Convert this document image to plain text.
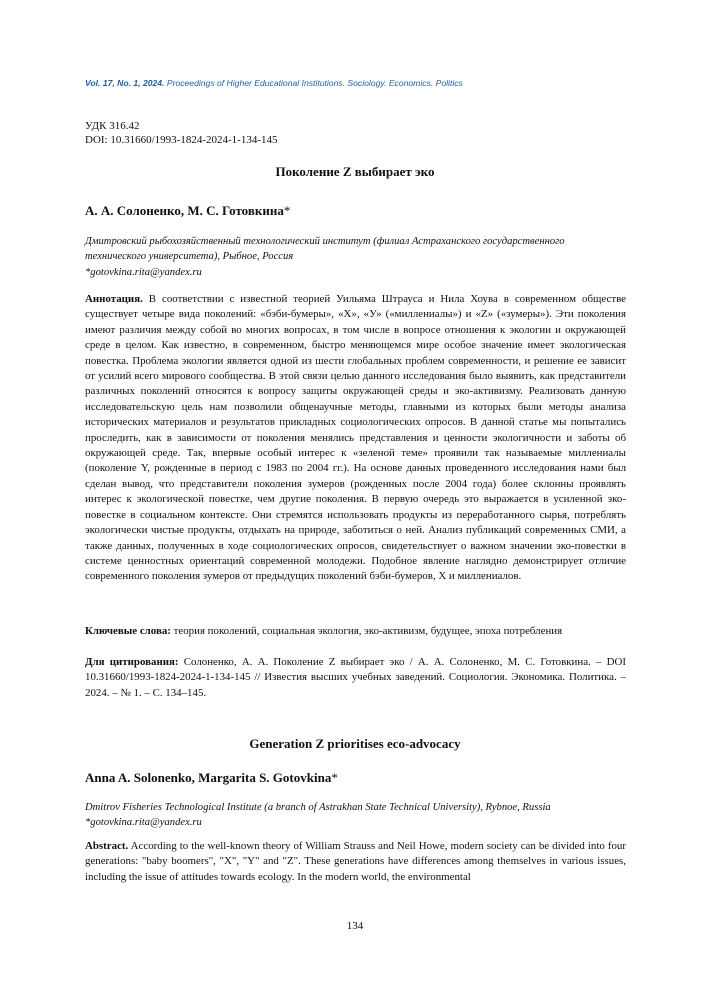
Vol. 17, No. 1, 2024. Proceedings of Higher Educational Institutions. Sociology. Economics. Politics
УДК 316.42
DOI: 10.31660/1993-1824-2024-1-134-145
Поколение Z выбирает эко
А. А. Солоненко, М. С. Готовкина*
Дмитровский рыбохозяйственный технологический институт (филиал Астраханского государственного технического университета), Рыбное, Россия
*gotovkina.rita@yandex.ru
Аннотация. В соответствии с известной теорией Уильяма Штрауса и Нила Хоува в современном обществе существует четыре вида поколений: «бэби-бумеры», «Х», «У» («миллениалы») и «Z» («зумеры»). Эти поколения имеют различия между собой во многих вопросах, в том числе в вопросе отношения к экологии и окружающей среде в целом. Как известно, в современном, быстро меняющемся мире особое значение имеет экологическая повестка. Проблема экологии является одной из шести глобальных проблем современности, и решение ее зависит от усилий всего мирового сообщества. В этой связи целью данного исследования было выявить, как представители различных поколений относятся к вопросу защиты окружающей среды и эко-активизму. Реализовать данную исследовательскую цель нам позволили общенаучные методы, главными из которых были методы анализа исторических материалов и результатов прикладных социологических опросов. В данной статье мы попытались проследить, как в зависимости от поколения менялись представления и ценности экологичности и заботы об окружающей среде. Так, впервые особый интерес к «зеленой теме» проявили так называемые миллениалы (поколение Y, рожденные в период с 1983 по 2004 гг.). На основе данных проведенного исследования нами был сделан вывод, что представители поколения зумеров (рожденных после 2004 года) более склонны проявлять интерес к экологической повестке, чем другие поколения. В первую очередь это выражается в усиленной эко-повестке в социальном контексте. Они стремятся использовать продукты из переработанного сырья, потреблять экологически чистые продукты, отдыхать на природе, заботиться о ней. Анализ публикаций современных СМИ, а также данных, полученных в ходе социологических опросов, свидетельствует о важном значении эко-повестки в системе ценностных ориентаций современной молодежи. Подобное явление наглядно демонстрирует отличие современного поколения зумеров от предыдущих поколений бэби-бумеров, Х и миллениалов.
Ключевые слова: теория поколений, социальная экология, эко-активизм, будущее, эпоха потребления
Для цитирования: Солоненко, А. А. Поколение Z выбирает эко / А. А. Солоненко, М. С. Готовкина. – DOI 10.31660/1993-1824-2024-1-134-145 // Известия высших учебных заведений. Социология. Экономика. Политика. – 2024. – № 1. – С. 134–145.
Generation Z prioritises eco-advocacy
Anna A. Solonenko, Margarita S. Gotovkina*
Dmitrov Fisheries Technological Institute (a branch of Astrakhan State Technical University), Rybnoe, Russia
*gotovkina.rita@yandex.ru
Abstract. According to the well-known theory of William Strauss and Neil Howe, modern society can be divided into four generations: "baby boomers", "X", "Y" and "Z". These generations have differences among themselves in various issues, including the issue of attitudes towards ecology. In the modern world, the environmental
134
